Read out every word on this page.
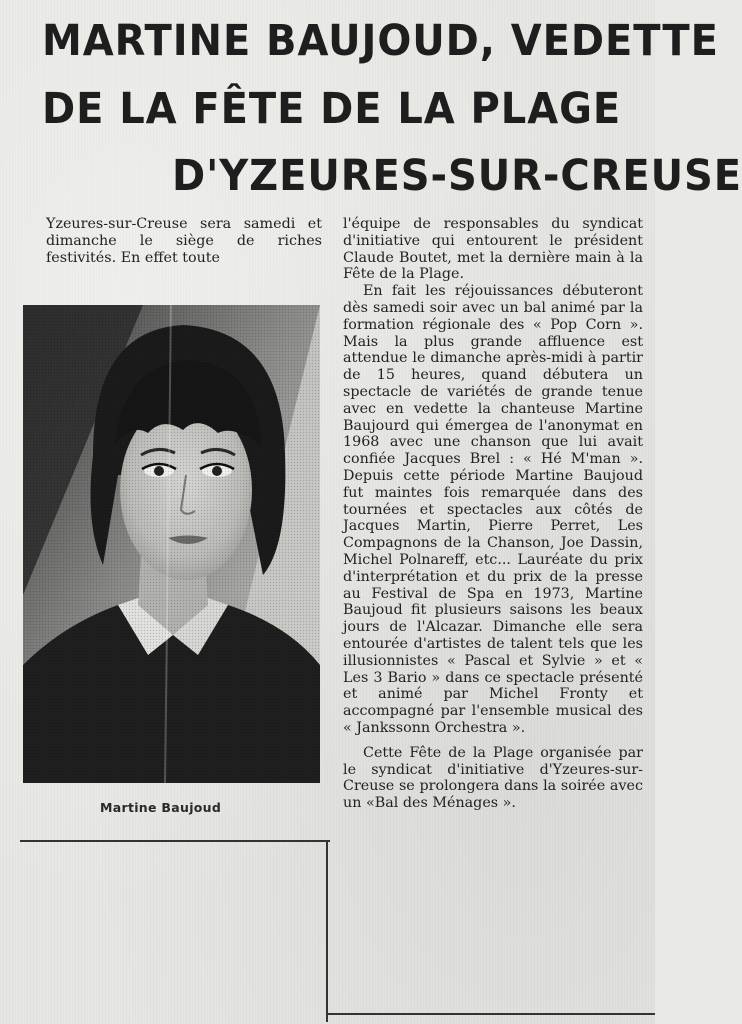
MARTINE BAUJOUD, VEDETTE
DE LA FÊTE DE LA PLAGE
D'YZEURES-SUR-CREUSE
Yzeures-sur-Creuse sera samedi et dimanche le siège de riches festivités. En effet toute
Martine Baujoud

l'équipe de responsables du syndicat d'initiative qui entourent le président Claude Boutet, met la dernière main à la Fête de la Plage.

En fait les réjouissances débuteront dès samedi soir avec un bal animé par la formation régionale des « Pop Corn ». Mais la plus grande affluence est attendue le dimanche après-midi à partir de 15 heures, quand débutera un spectacle de variétés de grande tenue avec en vedette la chanteuse Martine Baujourd qui émergea de l'anonymat en 1968 avec une chanson que lui avait confiée Jacques Brel : « Hé M'man ». Depuis cette période Martine Baujoud fut maintes fois remarquée dans des tournées et spectacles aux côtés de Jacques Martin, Pierre Perret, Les Compagnons de la Chanson, Joe Dassin, Michel Polnareff, etc... Lauréate du prix d'interprétation et du prix de la presse au Festival de Spa en 1973, Martine Baujoud fit plusieurs saisons les beaux jours de l'Alcazar. Dimanche elle sera entourée d'artistes de talent tels que les illusionnistes « Pascal et Sylvie » et « Les 3 Bario » dans ce spectacle présenté et animé par Michel Fronty et accompagné par l'ensemble musical des « Jankssonn Orchestra ».

Cette Fête de la Plage organisée par le syndicat d'initiative d'Yzeures-sur-Creuse se prolongera dans la soirée avec un «Bal des Ménages ».
